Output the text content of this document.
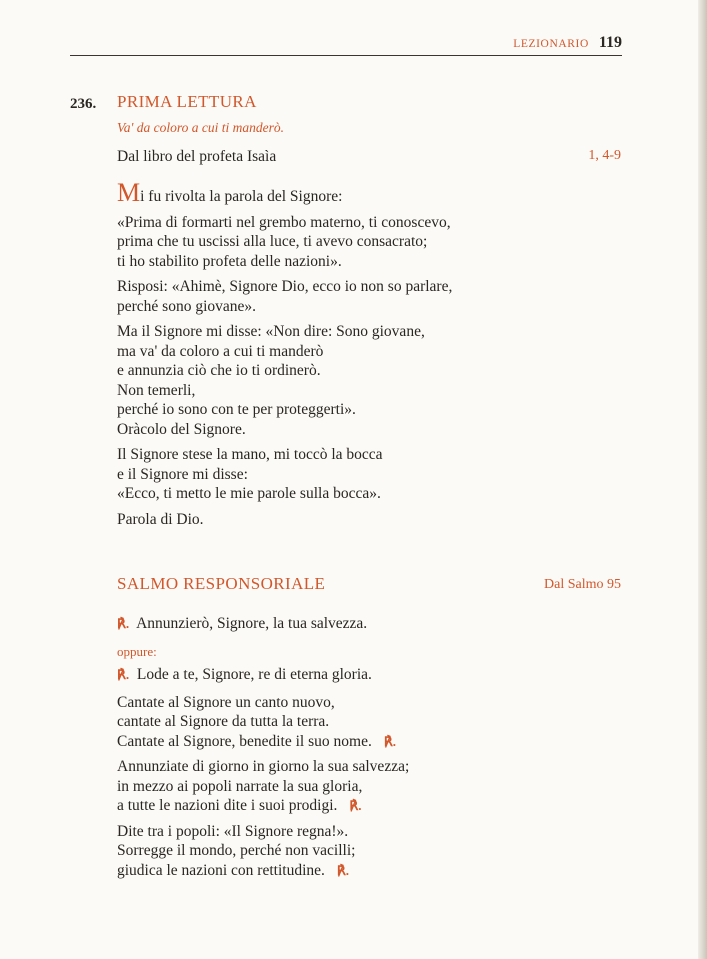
LEZIONARIO 119
236. PRIMA LETTURA
Va' da coloro a cui ti manderò.
Dal libro del profeta Isaìa	1, 4-9
Mi fu rivolta la parola del Signore:
«Prima di formarti nel grembo materno, ti conoscevo,
prima che tu uscissi alla luce, ti avevo consacrato;
ti ho stabilito profeta delle nazioni».
Risposi: «Ahimè, Signore Dio, ecco io non so parlare,
perché sono giovane».
Ma il Signore mi disse: «Non dire: Sono giovane,
ma va' da coloro a cui ti manderò
e annunzia ciò che io ti ordinerò.
Non temerli,
perché io sono con te per proteggerti».
Oràcolo del Signore.
Il Signore stese la mano, mi toccò la bocca
e il Signore mi disse:
«Ecco, ti metto le mie parole sulla bocca».
Parola di Dio.
SALMO RESPONSORIALE	Dal Salmo 95
℟. Annunzierò, Signore, la tua salvezza.
oppure:
℟. Lode a te, Signore, re di eterna gloria.
Cantate al Signore un canto nuovo,
cantate al Signore da tutta la terra.
Cantate al Signore, benedite il suo nome. ℟.
Annunziate di giorno in giorno la sua salvezza;
in mezzo ai popoli narrate la sua gloria,
a tutte le nazioni dite i suoi prodigi. ℟.
Dite tra i popoli: «Il Signore regna!».
Sorregge il mondo, perché non vacilli;
giudica le nazioni con rettitudine. ℟.
